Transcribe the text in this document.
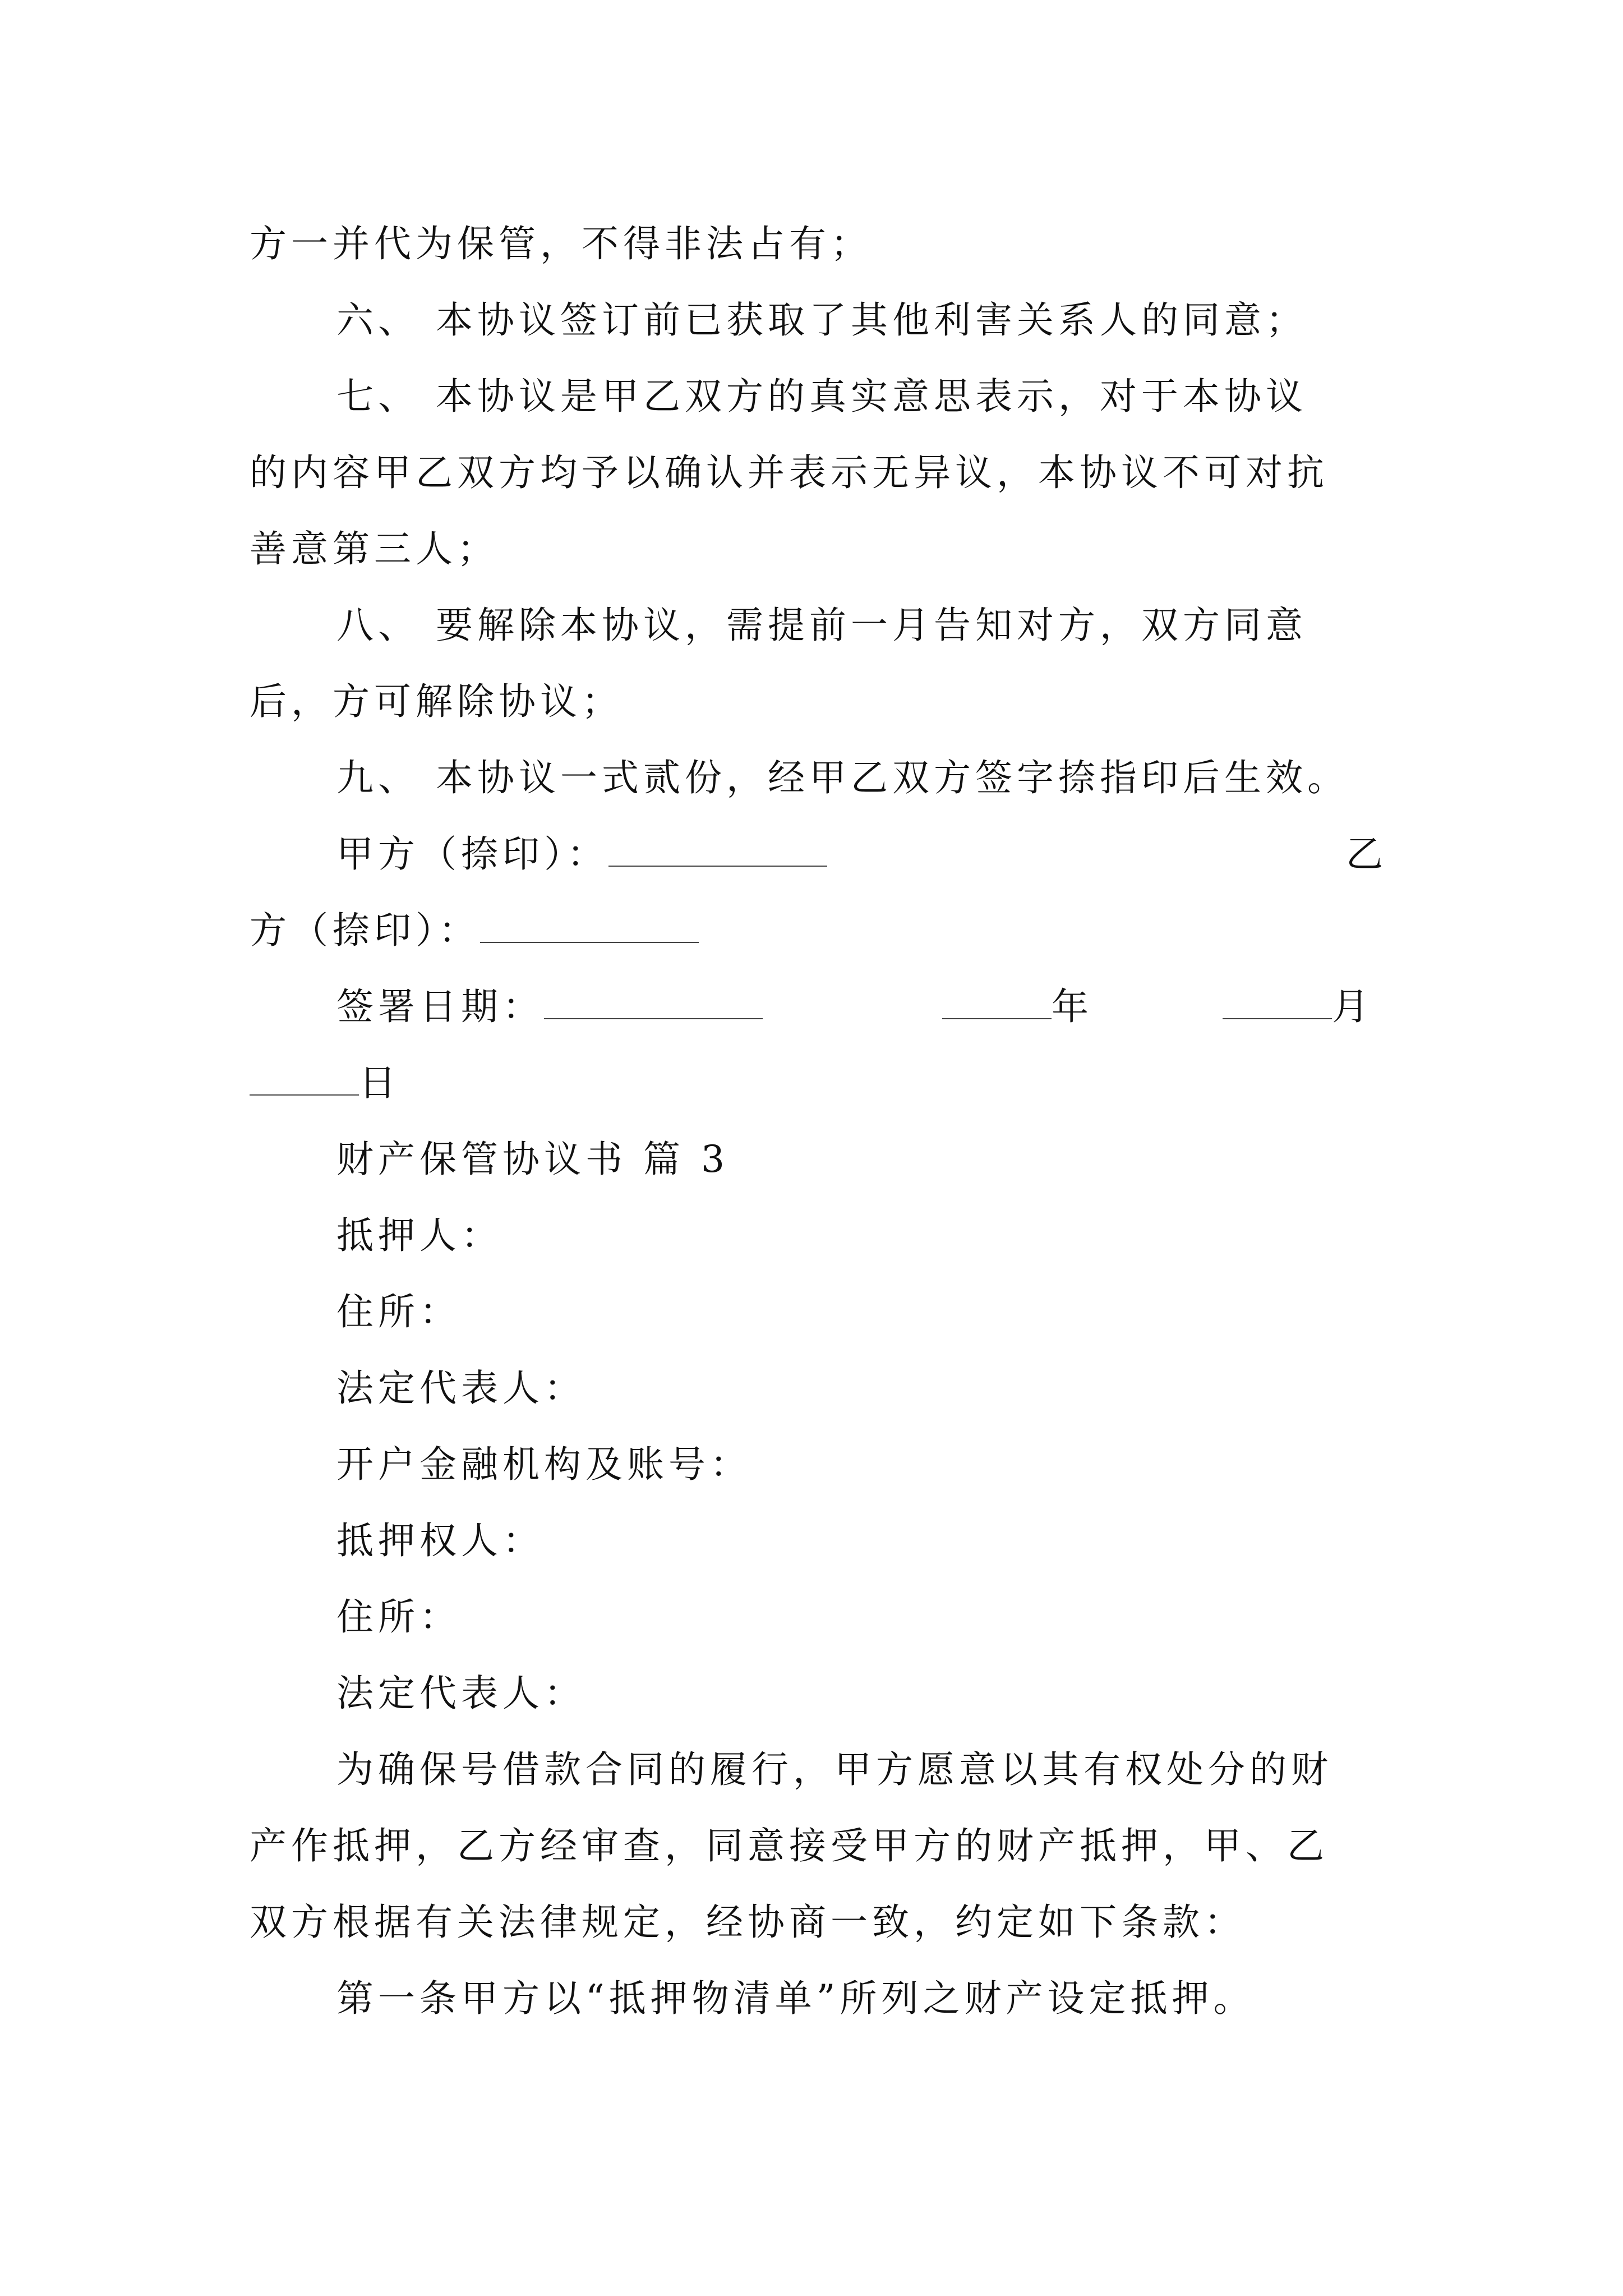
方一并代为保管，不得非法占有；
六、 本协议签订前已获取了其他利害关系人的同意；
七、 本协议是甲乙双方的真实意思表示，对于本协议
的内容甲乙双方均予以确认并表示无异议，本协议不可对抗
善意第三人；
八、 要解除本协议，需提前一月告知对方，双方同意
后，方可解除协议；
九、 本协议一式贰份，经甲乙双方签字捺指印后生效。
甲方（捺印）：	乙
方（捺印）：
签署日期：	年	月
日
财产保管协议书 篇 3
抵押人：
住所：
法定代表人：
开户金融机构及账号：
抵押权人：
住所：
法定代表人：
为确保号借款合同的履行，甲方愿意以其有权处分的财
产作抵押，乙方经审查，同意接受甲方的财产抵押，甲、乙
双方根据有关法律规定，经协商一致，约定如下条款：
第一条甲方以“抵押物清单”所列之财产设定抵押。
